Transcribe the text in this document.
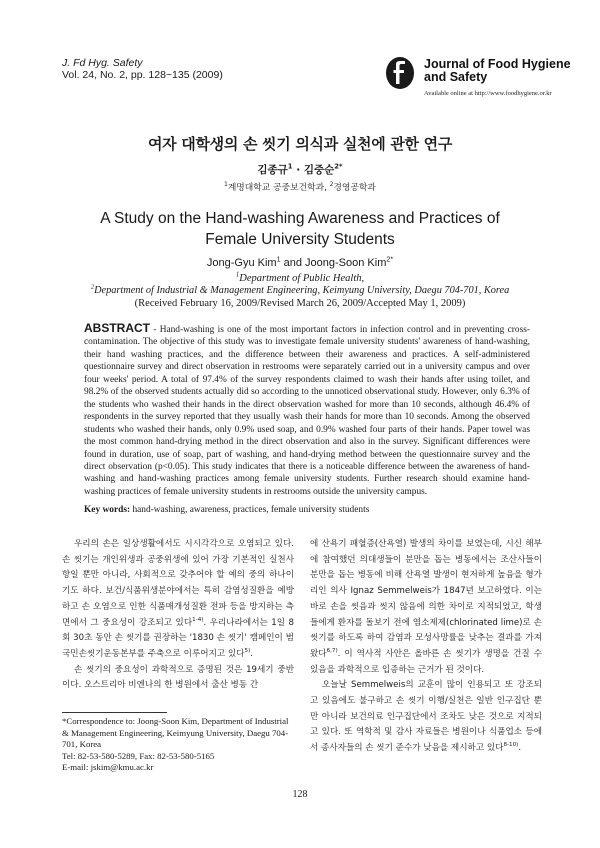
J. Fd Hyg. Safety
Vol. 24, No. 2, pp. 128~135 (2009)
Journal of Food Hygiene
and Safety
Available online at http://www.foodhygiene.or.kr
여자 대학생의 손 씻기 의식과 실천에 관한 연구
김종규$^1$ · 김중순$^{2*}$
$^1$계명대학교 공중보건학과, $^2$경영공학과
A Study on the Hand-washing Awareness and Practices of
Female University Students
Jong-Gyu Kim$^1$ and Joong-Soon Kim$^{2*}$
$^1$Department of Public Health,
$^2$Department of Industrial & Management Engineering, Keimyung University, Daegu 704-701, Korea
(Received February 16, 2009/Revised March 26, 2009/Accepted May 1, 2009)
ABSTRACT - Hand-washing is one of the most important factors in infection control and in preventing cross-contamination. The objective of this study was to investigate female university students' awareness of hand-washing, their hand washing practices, and the difference between their awareness and practices. A self-administered questionnaire survey and direct observation in restrooms were separately carried out in a university campus and over four weeks' period. A total of 97.4% of the survey respondents claimed to wash their hands after using toilet, and 98.2% of the observed students actually did so according to the unnoticed observational study. However, only 6.3% of the students who washed their hands in the direct observation washed for more than 10 seconds, although 46.4% of respondents in the survey reported that they usually wash their hands for more than 10 seconds. Among the observed students who washed their hands, only 0.9% used soap, and 0.9% washed four parts of their hands. Paper towel was the most common hand-drying method in the direct observation and also in the survey. Significant differences were found in duration, use of soap, part of washing, and hand-drying method between the questionnaire survey and the direct observation (p<0.05). This study indicates that there is a noticeable difference between the awareness of hand-washing and hand-washing practices among female university students. Further research should examine hand-washing practices of female university students in restrooms outside the university campus.
Key words: hand-washing, awareness, practices, female university students

우리의 손은 일상생활에서도 시시각각으로 오염되고 있다. 손 씻기는 개인위생과 공중위생에 있어 가장 기본적인 실천사항일 뿐만 아니라, 사회적으로 갖추어야 할 예의 중의 하나이기도 하다. 보건/식품위생분야에서는 특히 감염성질환을 예방하고 손 오염으로 인한 식품매개성질환 전파 등을 방지하는 측면에서 그 중요성이 강조되고 있다$^{1-4)}$. 우리나라에서는 1일 8회 30초 동안 손 씻기를 권장하는 '1830 손 씻기' 캠페인이 범국민손씻기운동본부를 주축으로 이루어지고 있다$^{5)}$.

손 씻기의 중요성이 과학적으로 증명된 것은 19세기 중반이다. 오스트리아 비엔나의 한 병원에서 출산 병동 간

에 산욕기 패혈증(산욕열) 발생의 차이를 보였는데, 시신 해부에 참여했던 의대생들이 분만을 돕는 병동에서는 조산사들이 분만을 돕는 병동에 비해 산욕열 발생이 현저하게 높음을 형가리인 의사 Ignaz Semmelweis가 1847년 보고하였다. 이는 바로 손을 씻음과 씻지 않음에 의한 차이로 지적되었고, 학생들에게 환자를 돌보기 전에 염소제제(chlorinated lime)로 손 씻기를 하도록 하여 감염과 모성사망률을 낮추는 결과를 가져왔다$^{6,7)}$. 이 역사적 사안은 올바른 손 씻기가 생명을 건질 수 있음을 과학적으로 입증하는 근거가 된 것이다.

오늘날 Semmelweis의 교훈이 많이 인용되고 또 강조되고 있음에도 불구하고 손 씻기 이행/실천은 일반 인구집단 뿐만 아니라 보건의료 인구집단에서 조차도 낮은 것으로 지적되고 있다. 또 역학적 및 감사 자료들은 병원이나 식품업소 등에서 종사자들의 손 씻기 준수가 낮음을 제시하고 있다$^{8-10)}$.

*Correspondence to: Joong-Soon Kim, Department of Industrial & Management Engineering, Keimyung University, Daegu 704-701, Korea
Tel: 82-53-580-5289, Fax: 82-53-580-5165
E-mail: jskim@kmu.ac.kr
128
